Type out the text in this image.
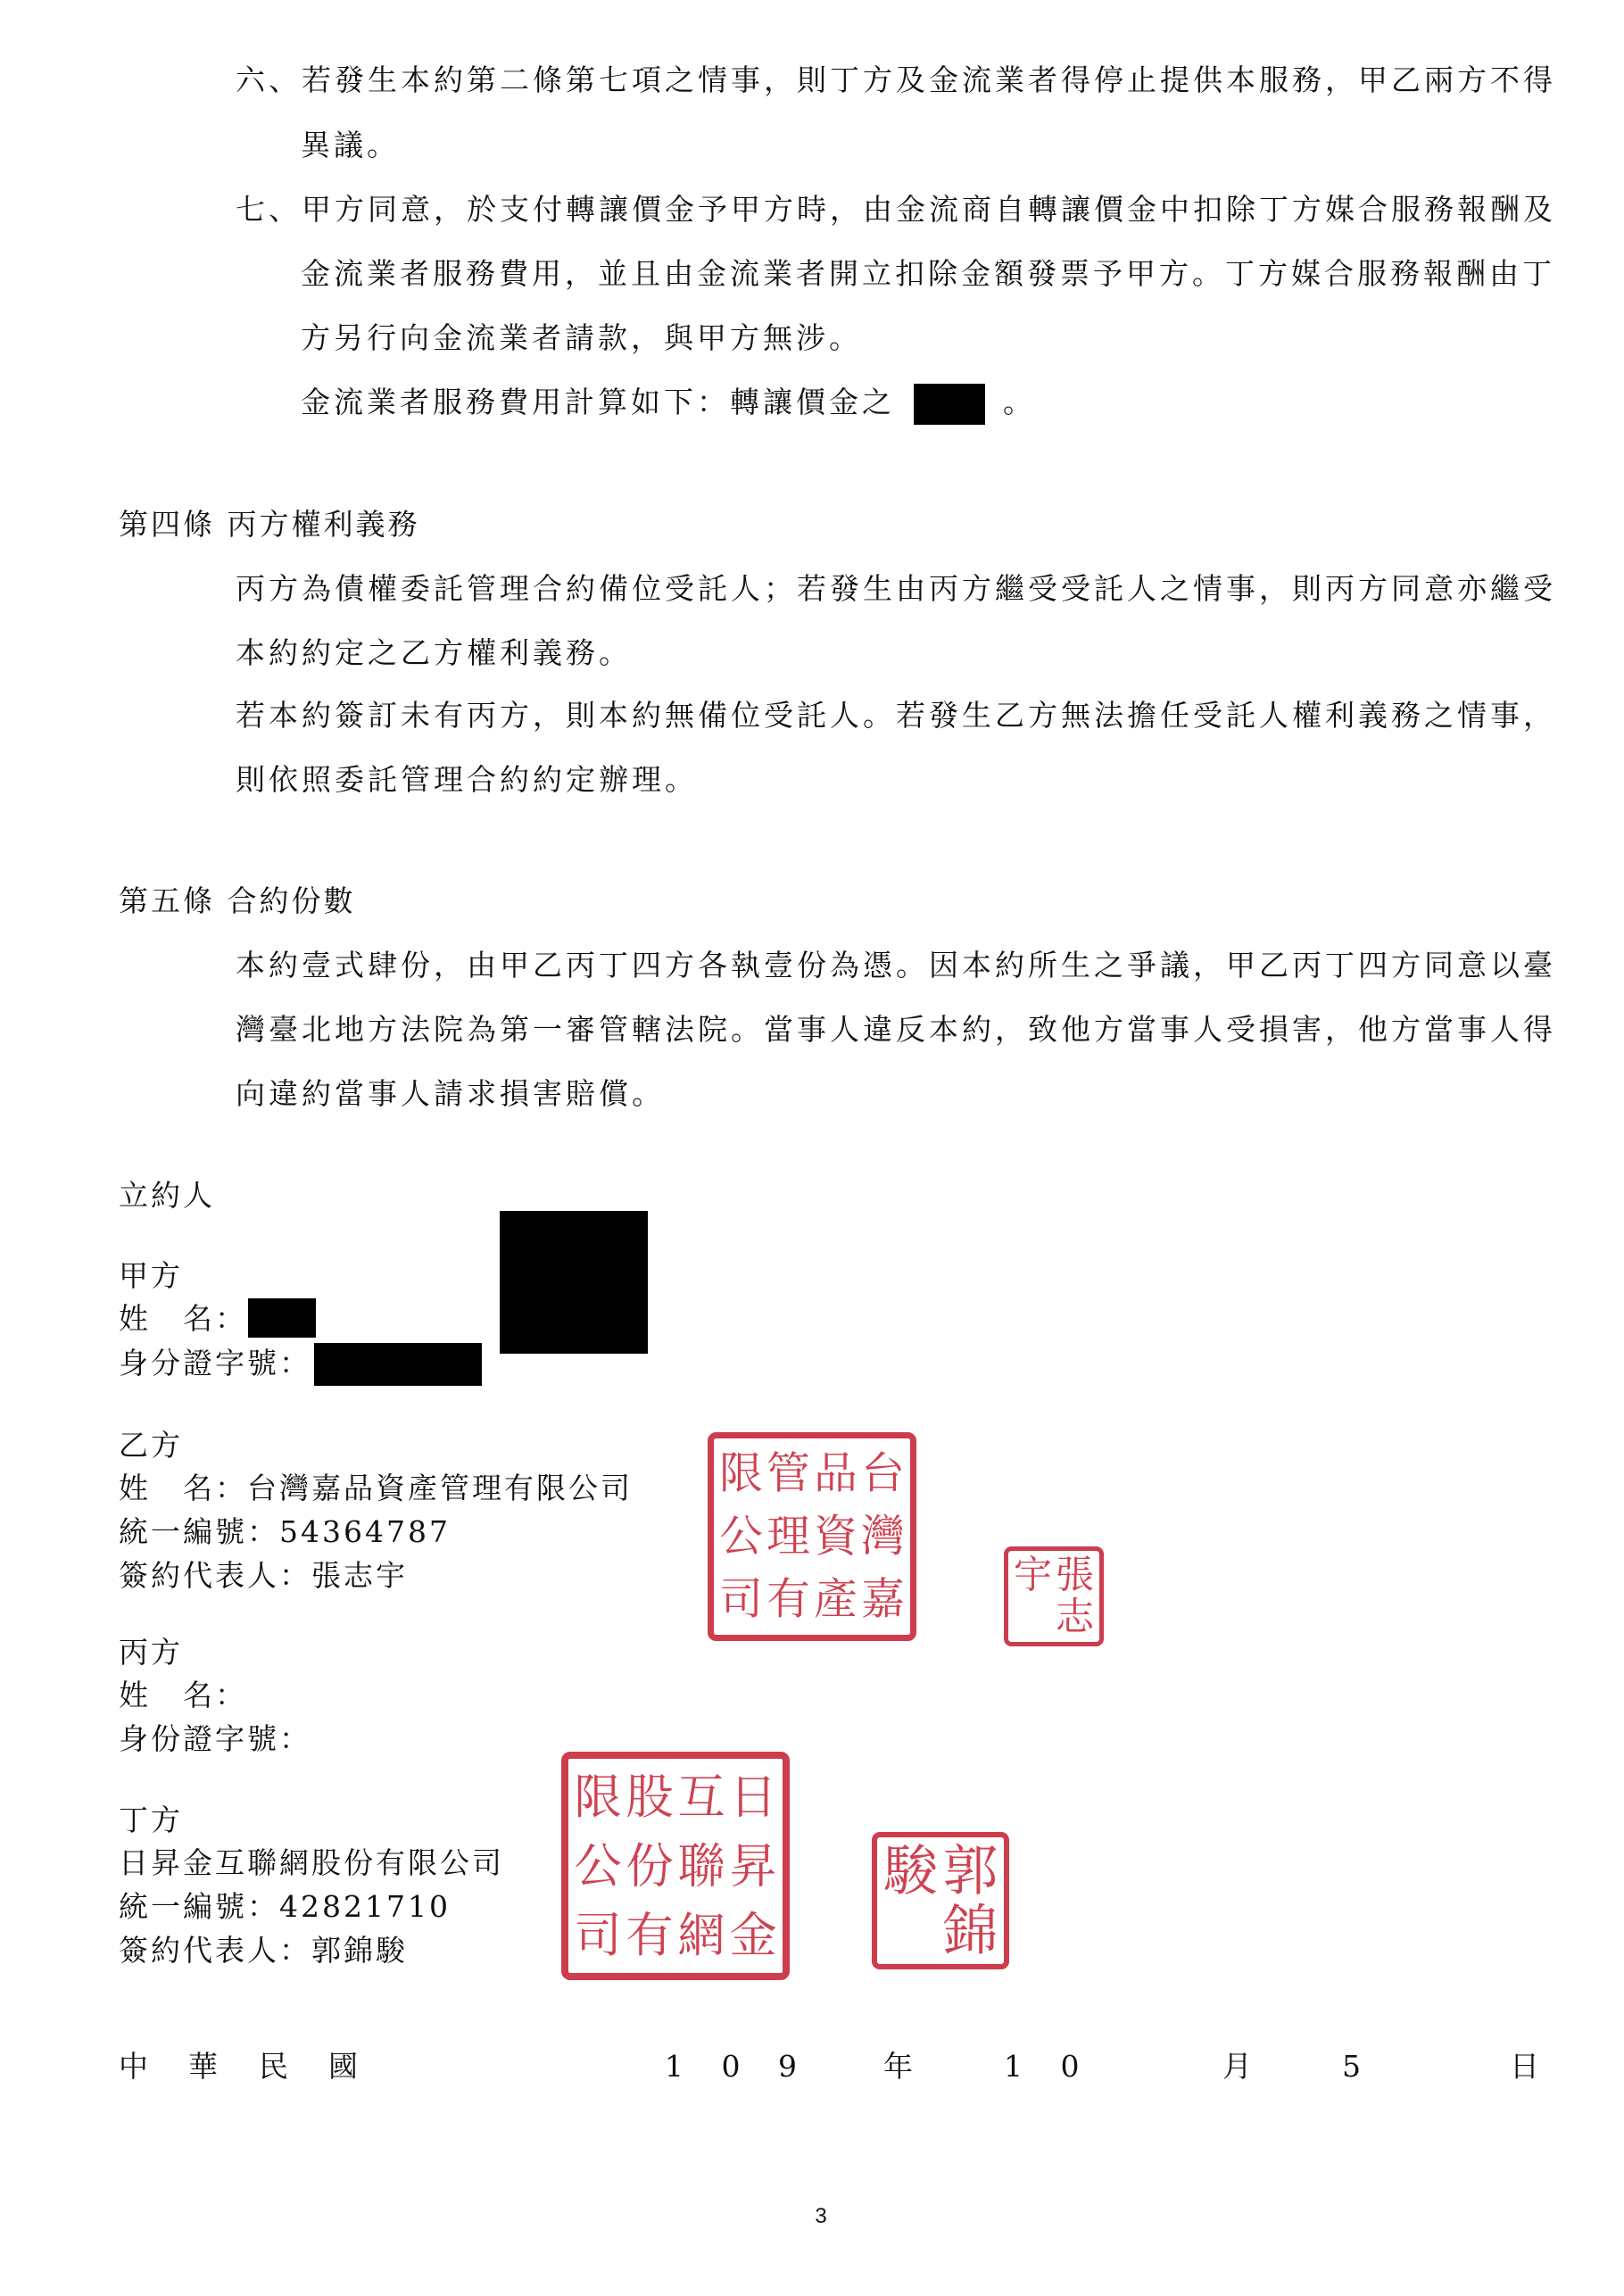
六、若發生本約第二條第七項之情事，則丁方及金流業者得停止提供本服務，甲乙兩方不得

異議。

七、甲方同意，於支付轉讓價金予甲方時，由金流商自轉讓價金中扣除丁方媒合服務報酬及

金流業者服務費用，並且由金流業者開立扣除金額發票予甲方。丁方媒合服務報酬由丁

方另行向金流業者請款，與甲方無涉。

金流業者服務費用計算如下：轉讓價金之	。

第四條 丙方權利義務

丙方為債權委託管理合約備位受託人；若發生由丙方繼受受託人之情事，則丙方同意亦繼受

本約約定之乙方權利義務。

若本約簽訂未有丙方，則本約無備位受託人。若發生乙方無法擔任受託人權利義務之情事，

則依照委託管理合約約定辦理。

第五條 合約份數

本約壹式肆份，由甲乙丙丁四方各執壹份為憑。因本約所生之爭議，甲乙丙丁四方同意以臺

灣臺北地方法院為第一審管轄法院。當事人違反本約，致他方當事人受損害，他方當事人得

向違約當事人請求損害賠償。

立約人

甲方

姓　名：

身分證字號：

乙方

姓　名：台灣嘉品資產管理有限公司

統一編號：54364787

簽約代表人：張志宇

台
灣
嘉
品
資
產
管
理
有
限
公
司	張
志
宇

丙方

姓　名：

身份證字號：

丁方

日昇金互聯網股份有限公司

統一編號：42821710

簽約代表人：郭錦駿

日
昇
金
互
聯
網
股
份
有
限
公
司
郭
錦
駿
中 華 民 國	1 0 9 年	1 0	月	5	日
3
